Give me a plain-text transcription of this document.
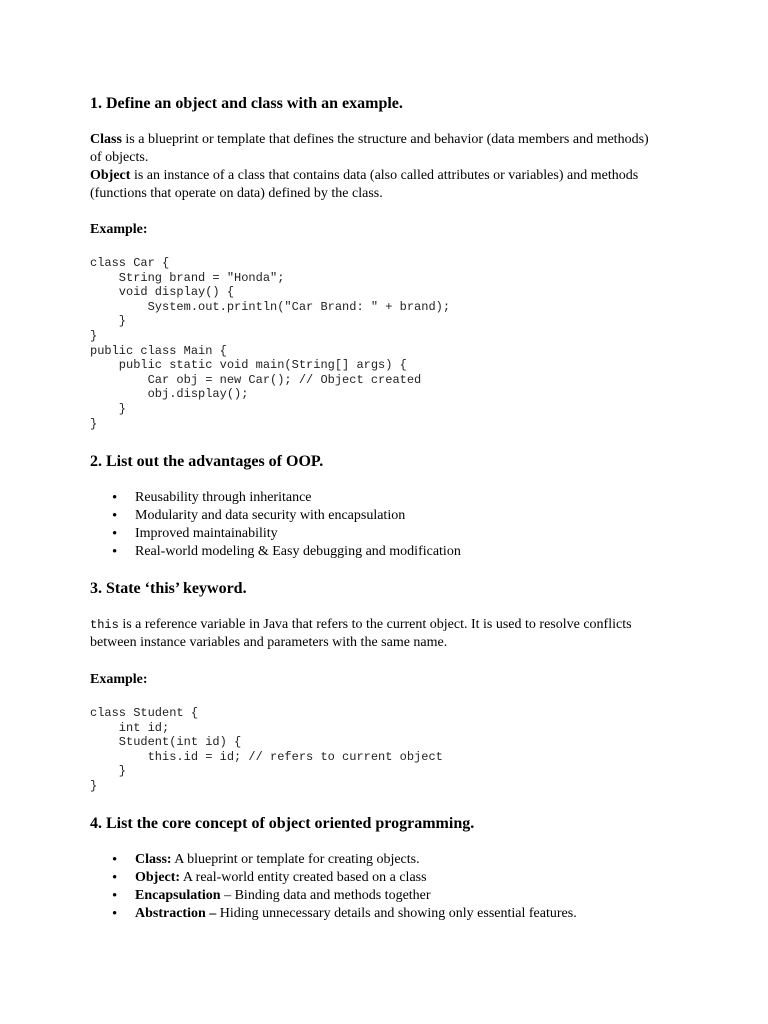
1. Define an object and class with an example.

Class is a blueprint or template that defines the structure and behavior (data members and methods) of objects.

Object is an instance of a class that contains data (also called attributes or variables) and methods (functions that operate on data) defined by the class.

Example:

class Car {
String brand = "Honda";
void display() {
System.out.println("Car Brand: " + brand);
}
}
public class Main {
public static void main(String[] args) {
Car obj = new Car(); // Object created
obj.display();
}
}
2. List out the advantages of OOP.
• Reusability through inheritance
• Modularity and data security with encapsulation
• Improved maintainability
• Real-world modeling & Easy debugging and modification
3. State ‘this’ keyword.

this is a reference variable in Java that refers to the current object. It is used to resolve conflicts between instance variables and parameters with the same name.

Example:

class Student {
int id;
Student(int id) {
this.id = id; // refers to current object
}
}
4. List the core concept of object oriented programming.
• Class: A blueprint or template for creating objects.
• Object: A real-world entity created based on a class
• Encapsulation – Binding data and methods together
• Abstraction – Hiding unnecessary details and showing only essential features.
